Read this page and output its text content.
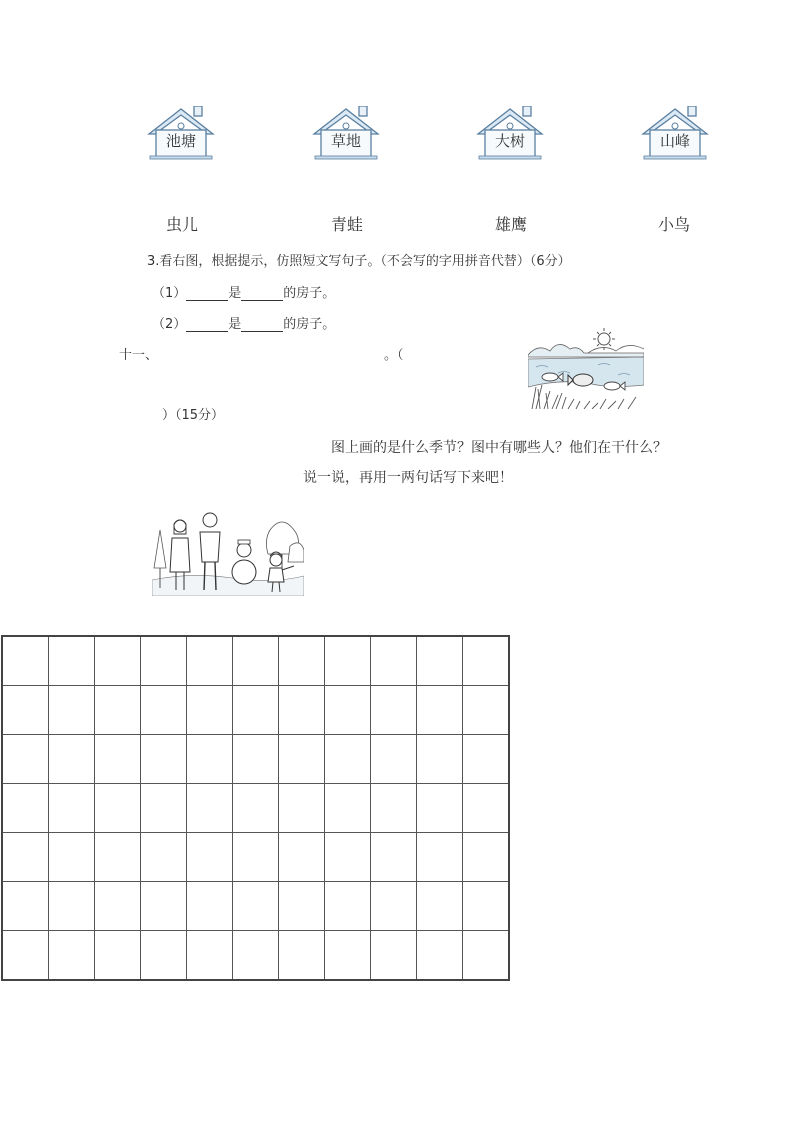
池塘	草地	大树	山峰
虫儿	青蛙	雄鹰	小鸟
3.看右图，根据提示，仿照短文写句子。（不会写的字用拼音代替）（6分）
（1）	是	的房子。
（2）	是	的房子。
十一、	。（
）（15分）
图上画的是什么季节？图中有哪些人？他们在干什么？
说一说，再用一两句话写下来吧！
